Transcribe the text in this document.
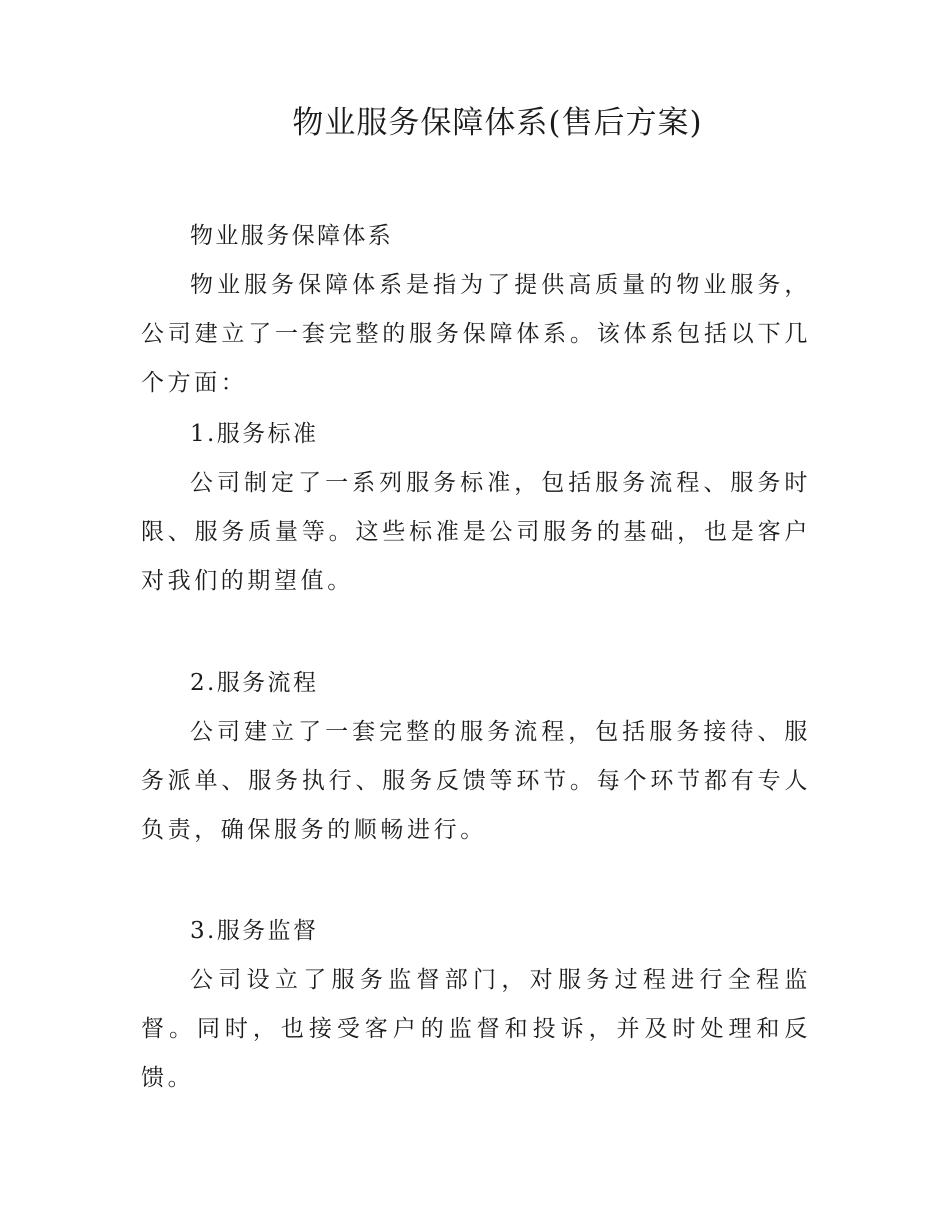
物业服务保障体系(售后方案)
物业服务保障体系
物业服务保障体系是指为了提供高质量的物业服务，公司建立了一套完整的服务保障体系。该体系包括以下几个方面：
1.服务标准
公司制定了一系列服务标准，包括服务流程、服务时限、服务质量等。这些标准是公司服务的基础，也是客户对我们的期望值。
2.服务流程
公司建立了一套完整的服务流程，包括服务接待、服务派单、服务执行、服务反馈等环节。每个环节都有专人负责，确保服务的顺畅进行。
3.服务监督
公司设立了服务监督部门，对服务过程进行全程监督。同时，也接受客户的监督和投诉，并及时处理和反馈。
